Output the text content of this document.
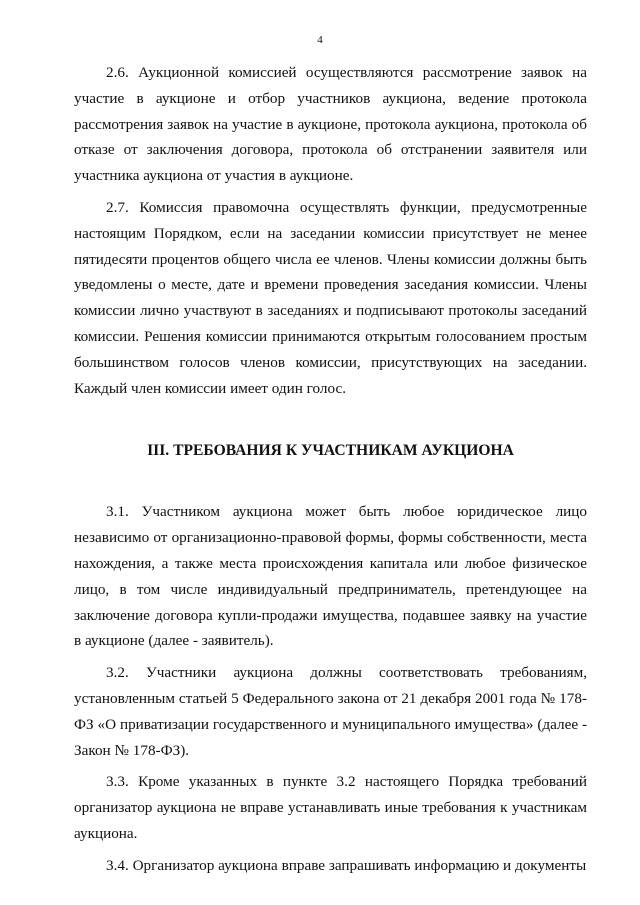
4

2.6. Аукционной комиссией осуществляются рассмотрение заявок на участие в аукционе и отбор участников аукциона, ведение протокола рассмотрения заявок на участие в аукционе, протокола аукциона, протокола об отказе от заключения договора, протокола об отстранении заявителя или участника аукциона от участия в аукционе.

2.7. Комиссия правомочна осуществлять функции, предусмотренные настоящим Порядком, если на заседании комиссии присутствует не менее пятидесяти процентов общего числа ее членов. Члены комиссии должны быть уведомлены о месте, дате и времени проведения заседания комиссии. Члены комиссии лично участвуют в заседаниях и подписывают протоколы заседаний комиссии. Решения комиссии принимаются открытым голосованием простым большинством голосов членов комиссии, присутствующих на заседании. Каждый член комиссии имеет один голос.

III. ТРЕБОВАНИЯ К УЧАСТНИКАМ АУКЦИОНА

3.1. Участником аукциона может быть любое юридическое лицо независимо от организационно-правовой формы, формы собственности, места нахождения, а также места происхождения капитала или любое физическое лицо, в том числе индивидуальный предприниматель, претендующее на заключение договора купли-продажи имущества, подавшее заявку на участие в аукционе (далее - заявитель).

3.2. Участники аукциона должны соответствовать требованиям, установленным статьей 5 Федерального закона от 21 декабря 2001 года № 178-ФЗ «О приватизации государственного и муниципального имущества» (далее - Закон № 178-ФЗ).

3.3. Кроме указанных в пункте 3.2 настоящего Порядка требований организатор аукциона не вправе устанавливать иные требования к участникам аукциона.

3.4. Организатор аукциона вправе запрашивать информацию и документы
